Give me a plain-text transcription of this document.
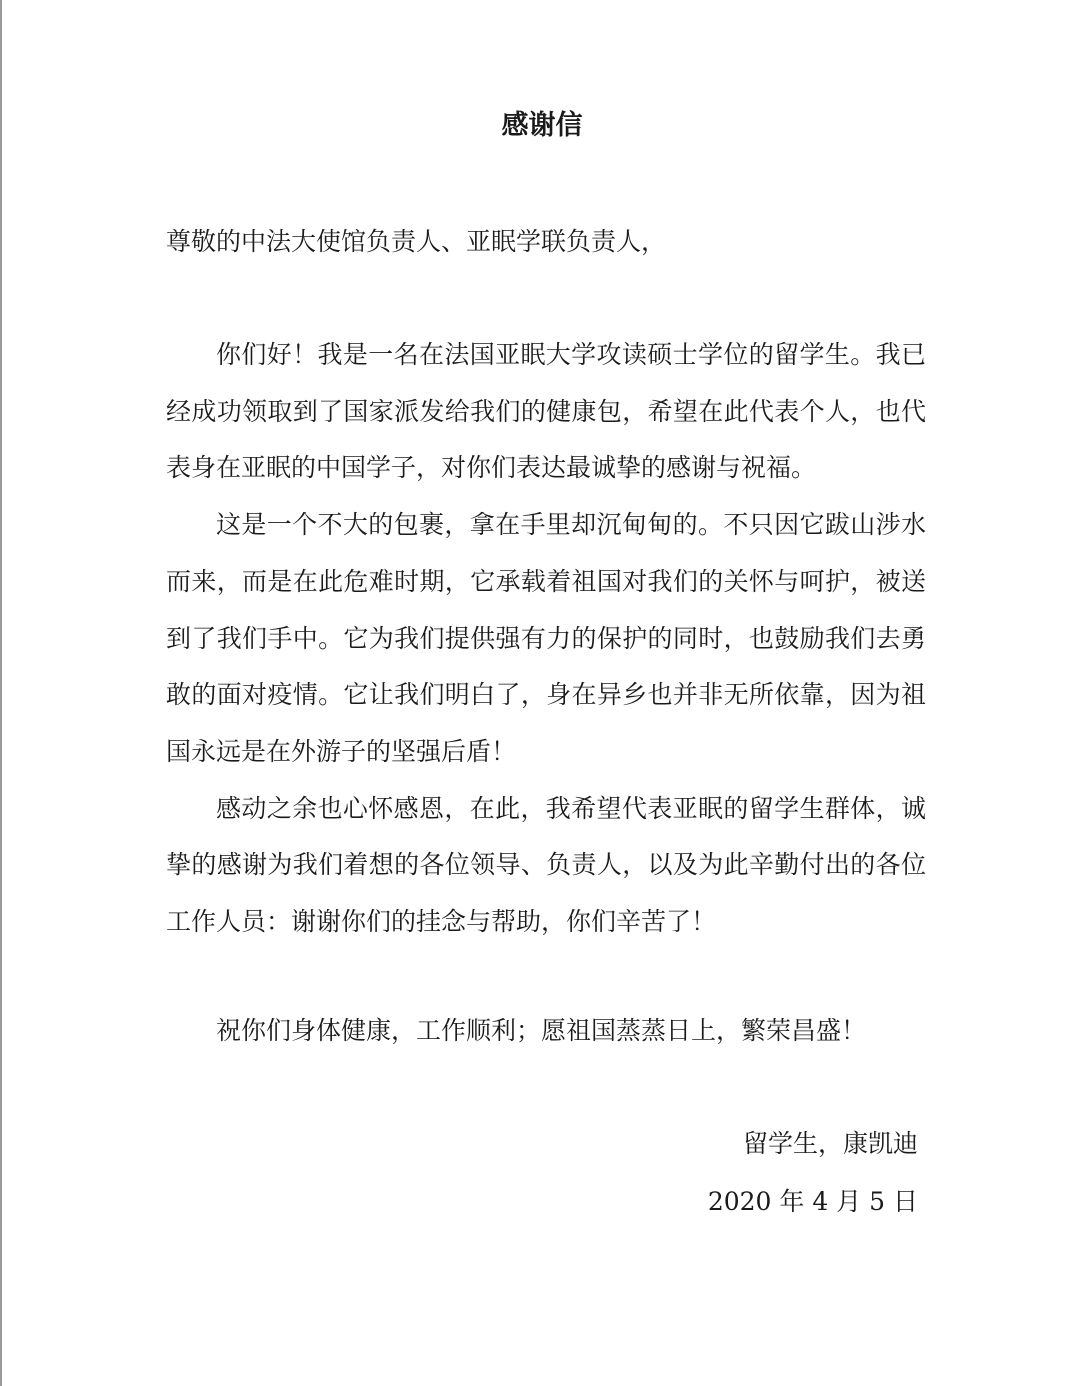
感谢信

尊敬的中法大使馆负责人、亚眠学联负责人，

你们好！我是一名在法国亚眠大学攻读硕士学位的留学生。我已经成功领取到了国家派发给我们的健康包，希望在此代表个人，也代表身在亚眠的中国学子，对你们表达最诚挚的感谢与祝福。

这是一个不大的包裹，拿在手里却沉甸甸的。不只因它跋山涉水而来，而是在此危难时期，它承载着祖国对我们的关怀与呵护，被送到了我们手中。它为我们提供强有力的保护的同时，也鼓励我们去勇敢的面对疫情。它让我们明白了，身在异乡也并非无所依靠，因为祖国永远是在外游子的坚强后盾！

感动之余也心怀感恩，在此，我希望代表亚眠的留学生群体，诚挚的感谢为我们着想的各位领导、负责人，以及为此辛勤付出的各位工作人员：谢谢你们的挂念与帮助，你们辛苦了！

祝你们身体健康，工作顺利；愿祖国蒸蒸日上，繁荣昌盛！

留学生，康凯迪

2020 年 4 月 5 日
